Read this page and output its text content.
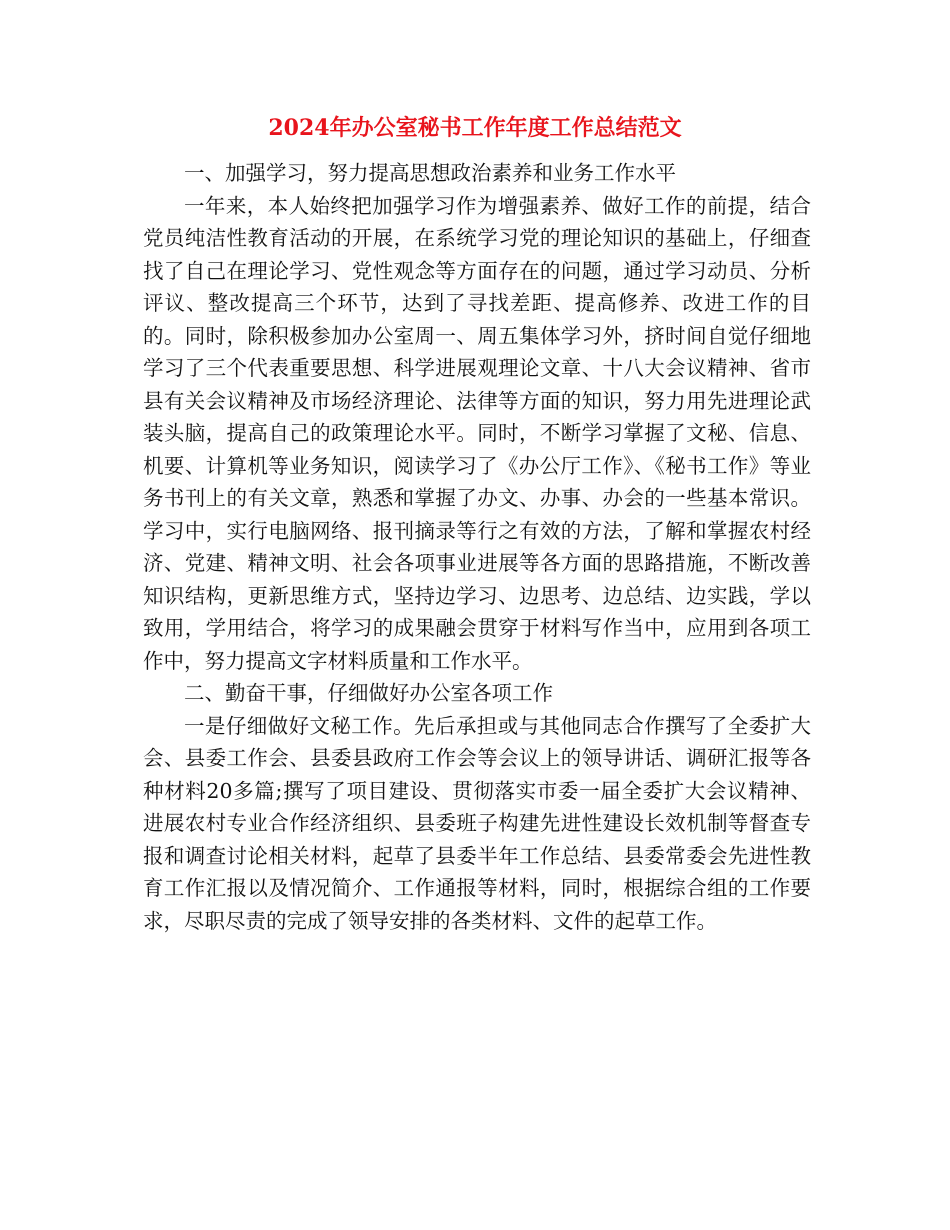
2024年办公室秘书工作年度工作总结范文

一、加强学习，努力提高思想政治素养和业务工作水平

一年来，本人始终把加强学习作为增强素养、做好工作的前提，结合党员纯洁性教育活动的开展，在系统学习党的理论知识的基础上，仔细查找了自己在理论学习、党性观念等方面存在的问题，通过学习动员、分析评议、整改提高三个环节，达到了寻找差距、提高修养、改进工作的目的。同时，除积极参加办公室周一、周五集体学习外，挤时间自觉仔细地学习了三个代表重要思想、科学进展观理论文章、十八大会议精神、省市县有关会议精神及市场经济理论、法律等方面的知识，努力用先进理论武装头脑，提高自己的政策理论水平。同时，不断学习掌握了文秘、信息、机要、计算机等业务知识，阅读学习了《办公厅工作》、《秘书工作》等业务书刊上的有关文章，熟悉和掌握了办文、办事、办会的一些基本常识。学习中，实行电脑网络、报刊摘录等行之有效的方法，了解和掌握农村经济、党建、精神文明、社会各项事业进展等各方面的思路措施，不断改善知识结构，更新思维方式，坚持边学习、边思考、边总结、边实践，学以致用，学用结合，将学习的成果融会贯穿于材料写作当中，应用到各项工作中，努力提高文字材料质量和工作水平。

二、勤奋干事，仔细做好办公室各项工作

一是仔细做好文秘工作。先后承担或与其他同志合作撰写了全委扩大会、县委工作会、县委县政府工作会等会议上的领导讲话、调研汇报等各种材料20多篇;撰写了项目建设、贯彻落实市委一届全委扩大会议精神、进展农村专业合作经济组织、县委班子构建先进性建设长效机制等督查专报和调查讨论相关材料，起草了县委半年工作总结、县委常委会先进性教育工作汇报以及情况简介、工作通报等材料，同时，根据综合组的工作要求，尽职尽责的完成了领导安排的各类材料、文件的起草工作。
